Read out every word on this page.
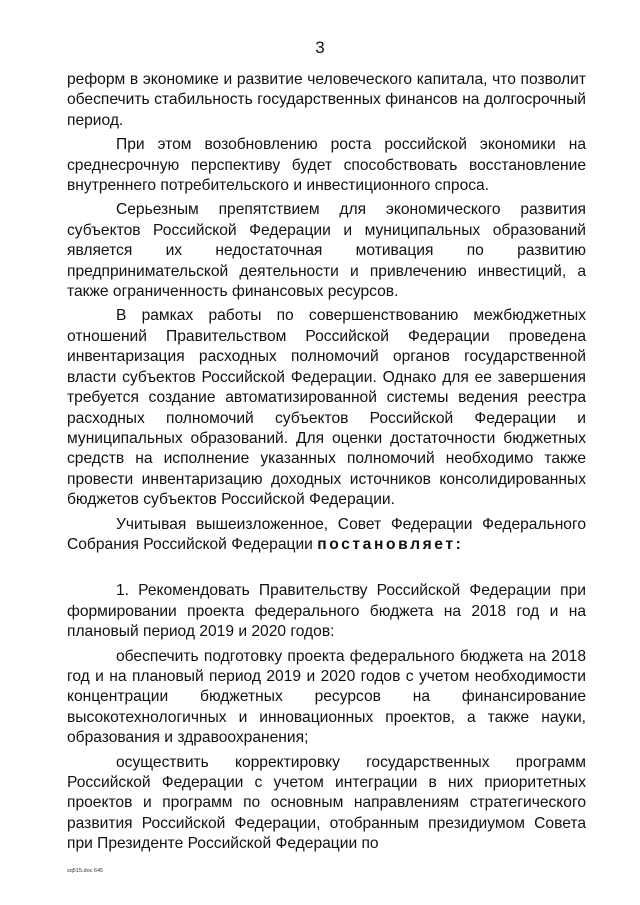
3

реформ в экономике и развитие человеческого капитала, что позволит обеспечить стабильность государственных финансов на долгосрочный период.

При этом возобновлению роста российской экономики на среднесрочную перспективу будет способствовать восстановление внутреннего потребительского и инвестиционного спроса.

Серьезным препятствием для экономического развития субъектов Российской Федерации и муниципальных образований является их недостаточная мотивация по развитию предпринимательской деятельности и привлечению инвестиций, а также ограниченность финансовых ресурсов.

В рамках работы по совершенствованию межбюджетных отношений Правительством Российской Федерации проведена инвентаризация расходных полномочий органов государственной власти субъектов Российской Федерации. Однако для ее завершения требуется создание автоматизированной системы ведения реестра расходных полномочий субъектов Российской Федерации и муниципальных образований. Для оценки достаточности бюджетных средств на исполнение указанных полномочий необходимо также провести инвентаризацию доходных источников консолидированных бюджетов субъектов Российской Федерации.

Учитывая вышеизложенное, Совет Федерации Федерального Собрания Российской Федерации постановляет:

1. Рекомендовать Правительству Российской Федерации при формировании проекта федерального бюджета на 2018 год и на плановый период 2019 и 2020 годов:

обеспечить подготовку проекта федерального бюджета на 2018 год и на плановый период 2019 и 2020 годов с учетом необходимости концентрации бюджетных ресурсов на финансирование высокотехнологичных и инновационных проектов, а также науки, образования и здравоохранения;

осуществить корректировку государственных программ Российской Федерации с учетом интеграции в них приоритетных проектов и программ по основным направлениям стратегического развития Российской Федерации, отобранным президиумом Совета при Президенте Российской Федерации по

sq515.doc 645
